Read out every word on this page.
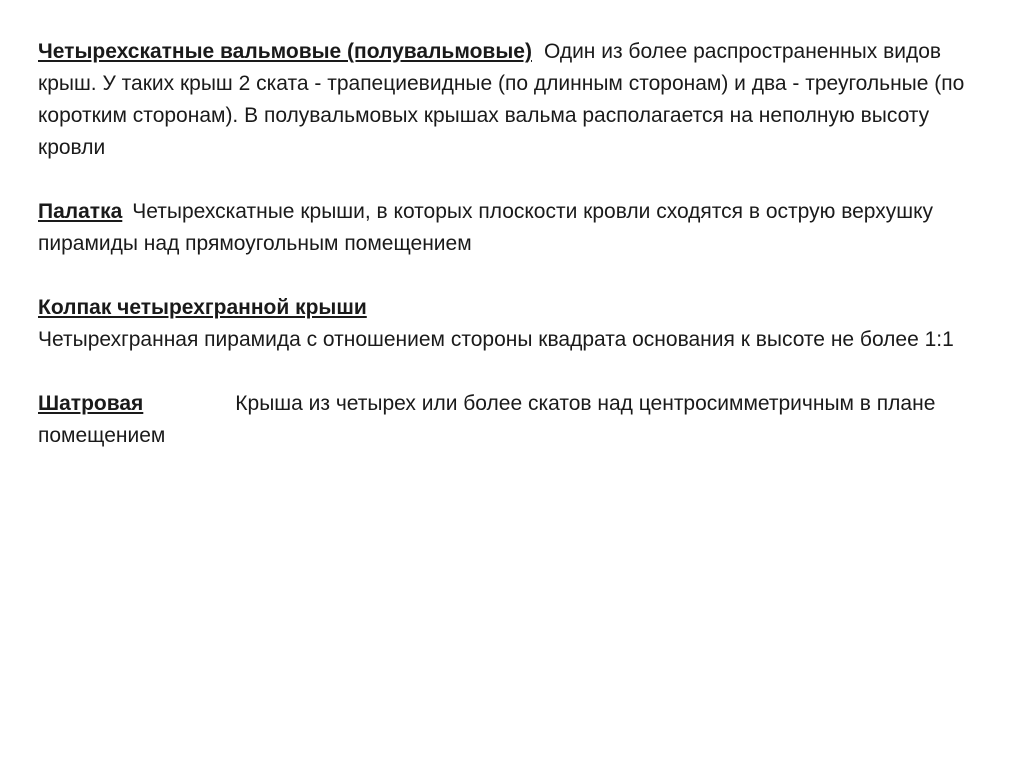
Четырехскатные вальмовые (полувальмовые) Один из более распространенных видов крыш. У таких крыш 2 ската - трапециевидные (по длинным сторонам) и два - треугольные (по коротким сторонам). В полувальмовых крышах вальма располагается на неполную высоту кровли

Палатка Четырехскатные крыши, в которых плоскости кровли сходятся в острую верхушку пирамиды над прямоугольным помещением

Колпак четырехгранной крыши
Четырехгранная пирамида с отношением стороны квадрата основания к высоте не более 1:1

Шатровая	Крыша из четырех или более скатов над центросимметричным в плане помещением
